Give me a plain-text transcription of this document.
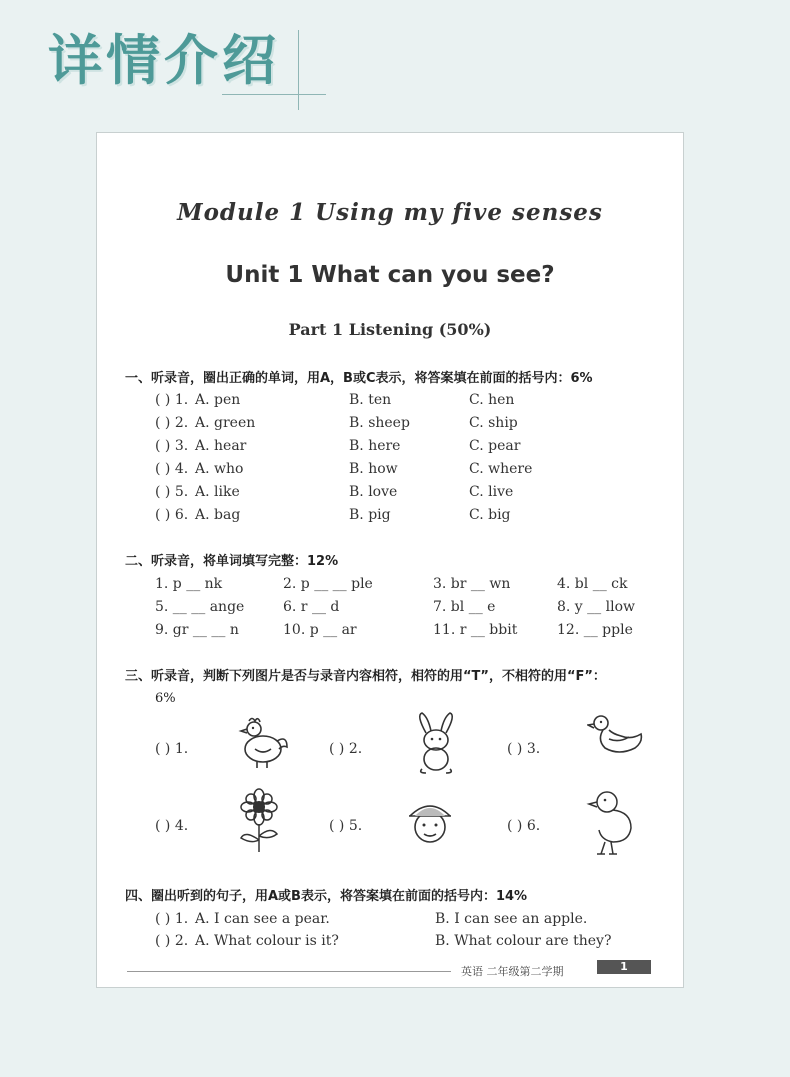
详情介绍
Module 1 Using my five senses
Unit 1 What can you see?
Part 1 Listening (50%)
一、听录音，圈出正确的单词，用A，B或C表示，将答案填在前面的括号内：6%
( ) 1. A. pen	B. ten	C. hen
( ) 2. A. green	B. sheep	C. ship
( ) 3. A. hear	B. here	C. pear
( ) 4. A. who	B. how	C. where
( ) 5. A. like	B. love	C. live
( ) 6. A. bag	B. pig	C. big
二、听录音，将单词填写完整：12%
1. p __ nk	2. p __ __ ple	3. br __ wn	4. bl __ ck
5. __ __ ange	6. r __ d	7. bl __ e	8. y __ llow
9. gr __ __ n	10. p __ ar	11. r __ bbit	12. __ pple
三、听录音，判断下列图片是否与录音内容相符，相符的用“T”，不相符的用“F”：
6%
( ) 1.	( ) 2.	( ) 3.
( ) 4.	( ) 5.	( ) 6.
四、圈出听到的句子，用A或B表示，将答案填在前面的括号内：14%
( ) 1. A. I can see a pear.	B. I can see an apple.
( ) 2. A. What colour is it?	B. What colour are they?
英语 二年级第二学期	1
